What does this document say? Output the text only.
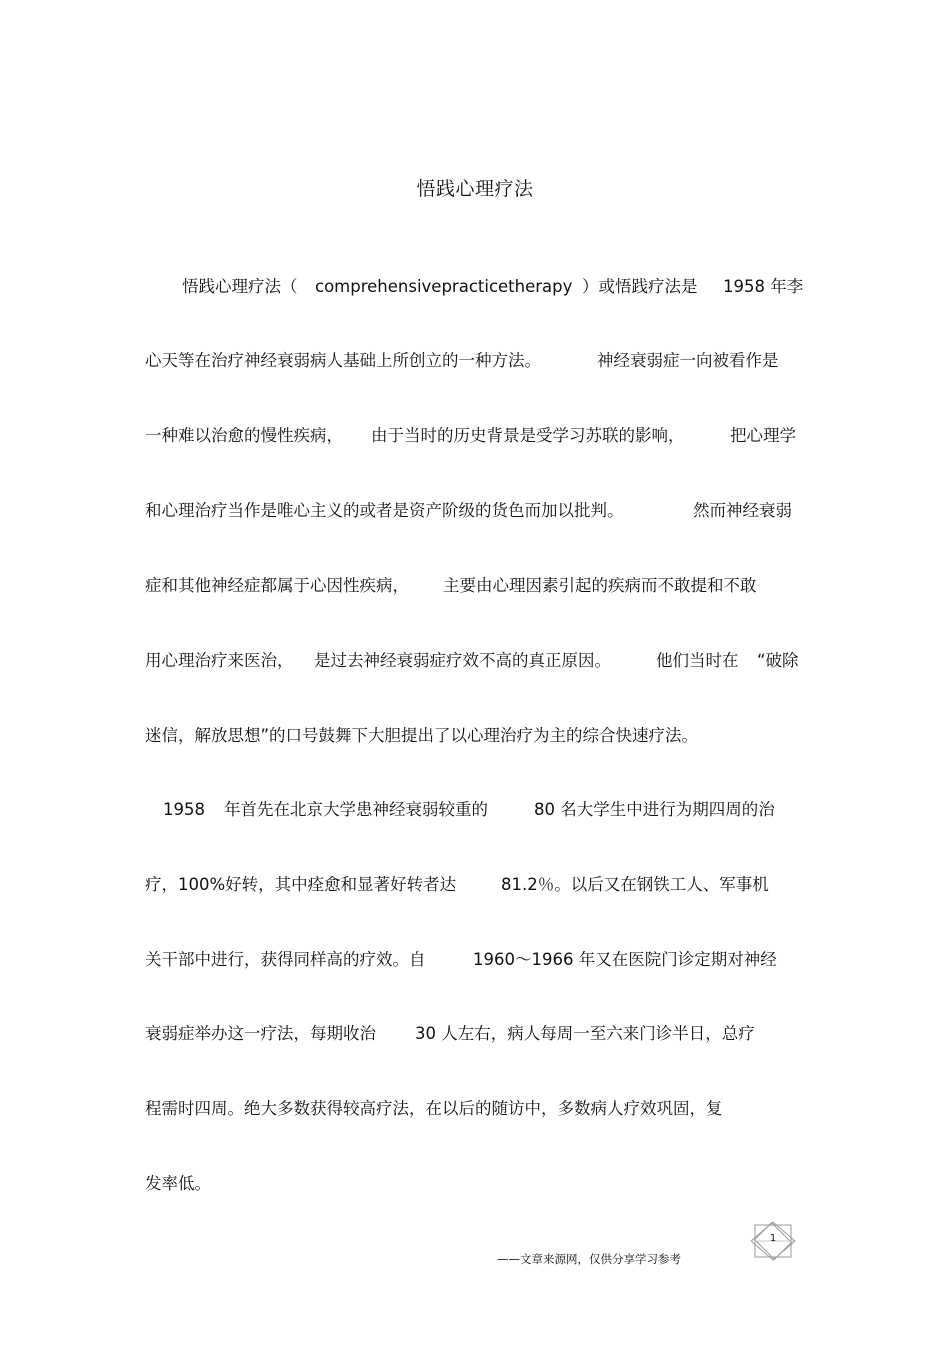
悟践心理疗法
悟践心理疗法（ comprehensivepracticetherapy ）或悟践疗法是 1958 年李
心天等在治疗神经衰弱病人基础上所创立的一种方法。	神经衰弱症一向被看作是
一种难以治愈的慢性疾病， 由于当时的历史背景是受学习苏联的影响，	把心理学
和心理治疗当作是唯心主义的或者是资产阶级的货色而加以批判。	然而神经衰弱
症和其他神经症都属于心因性疾病， 主要由心理因素引起的疾病而不敢提和不敢
用心理治疗来医治， 是过去神经衰弱症疗效不高的真正原因。	他们当时在 “破除
迷信，解放思想”的口号鼓舞下大胆提出了以心理治疗为主的综合快速疗法。
1958 年首先在北京大学患神经衰弱较重的	80 名大学生中进行为期四周的治
疗，100%好转，其中痊愈和显著好转者达	81.2％。以后又在钢铁工人、军事机
关干部中进行，获得同样高的疗效。自	1960～1966 年又在医院门诊定期对神经
衰弱症举办这一疗法，每期收治 30 人左右，病人每周一至六来门诊半日，总疗
程需时四周。绝大多数获得较高疗法，在以后的随访中，多数病人疗效巩固，复
发率低。
——文章来源网，仅供分享学习参考
1
